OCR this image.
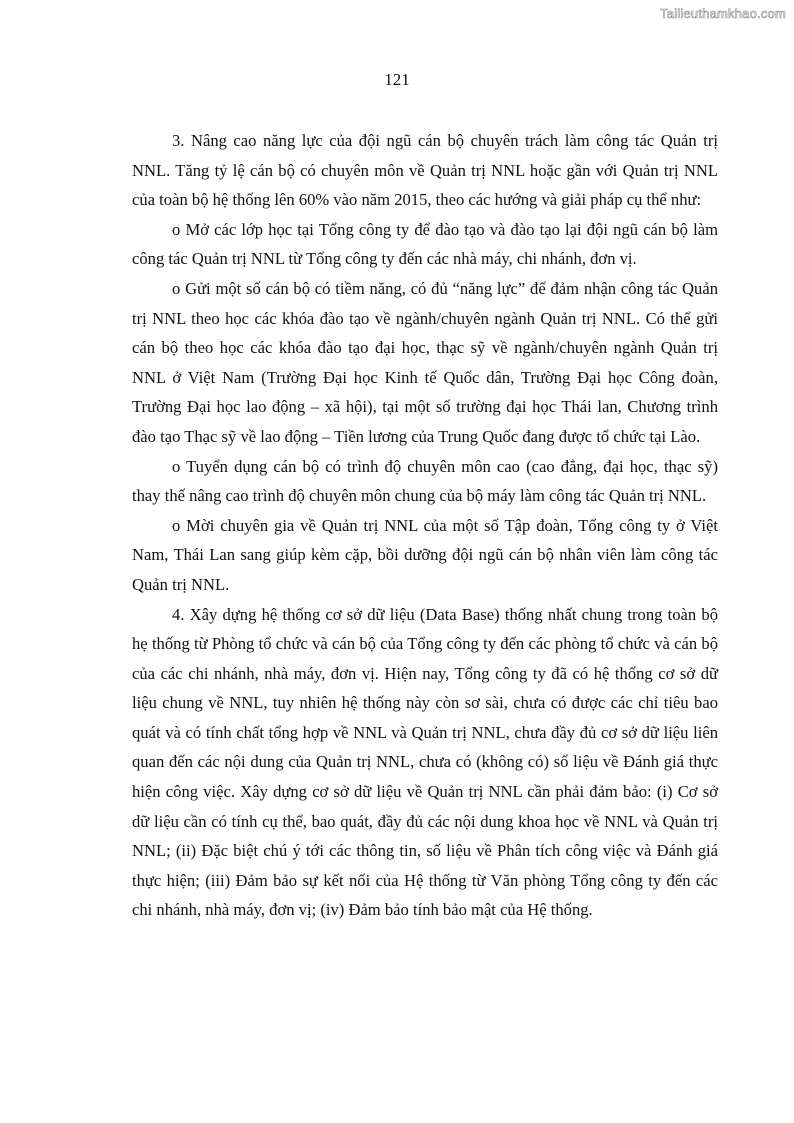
Tailieuthamkhao.com
121

3. Nâng cao năng lực của đội ngũ cán bộ chuyên trách làm công tác Quản trị NNL. Tăng tỷ lệ cán bộ có chuyên môn về Quản trị NNL hoặc gần với Quản trị NNL của toàn bộ hệ thống lên 60% vào năm 2015, theo các hướng và giải pháp cụ thể như:

o Mở các lớp học tại Tổng công ty để đào tạo và đào tạo lại đội ngũ cán bộ làm công tác Quản trị NNL từ Tổng công ty đến các nhà máy, chi nhánh, đơn vị.

o Gửi một số cán bộ có tiềm năng, có đủ “năng lực” để đảm nhận công tác Quản trị NNL theo học các khóa đào tạo về ngành/chuyên ngành Quản trị NNL. Có thể gửi cán bộ theo học các khóa đào tạo đại học, thạc sỹ về ngành/chuyên ngành Quản trị NNL ở Việt Nam (Trường Đại học Kinh tế Quốc dân, Trường Đại học Công đoàn, Trường Đại học lao động – xã hội), tại một số trường đại học Thái lan, Chương trình đào tạo Thạc sỹ về lao động – Tiền lương của Trung Quốc đang được tổ chức tại Lào.

o Tuyển dụng cán bộ có trình độ chuyên môn cao (cao đẳng, đại học, thạc sỹ) thay thế nâng cao trình độ chuyên môn chung của bộ máy làm công tác Quản trị NNL.

o Mời chuyên gia về Quản trị NNL của một số Tập đoàn, Tổng công ty ở Việt Nam, Thái Lan sang giúp kèm cặp, bồi dưỡng đội ngũ cán bộ nhân viên làm công tác Quản trị NNL.

4. Xây dựng hệ thống cơ sở dữ liệu (Data Base) thống nhất chung trong toàn bộ hẹ thống từ Phòng tổ chức và cán bộ của Tổng công ty đến các phòng tổ chức và cán bộ của các chi nhánh, nhà máy, đơn vị. Hiện nay, Tổng công ty đã có hệ thống cơ sở dữ liệu chung về NNL, tuy nhiên hệ thống này còn sơ sài, chưa có được các chỉ tiêu bao quát và có tính chất tổng hợp về NNL và Quản trị NNL, chưa đầy đủ cơ sở dữ liệu liên quan đến các nội dung của Quản trị NNL, chưa có (không có) số liệu về Đánh giá thực hiện công việc. Xây dựng cơ sở dữ liệu về Quản trị NNL cần phải đảm bảo: (i) Cơ sở dữ liệu cần có tính cụ thể, bao quát, đầy đủ các nội dung khoa học về NNL và Quản trị NNL; (ii) Đặc biệt chú ý tới các thông tin, số liệu về Phân tích công việc và Đánh giá thực hiện; (iii) Đảm bảo sự kết nối của Hệ thống từ Văn phòng Tổng công ty đến các chi nhánh, nhà máy, đơn vị; (iv) Đảm bảo tính bảo mật của Hệ thống.
